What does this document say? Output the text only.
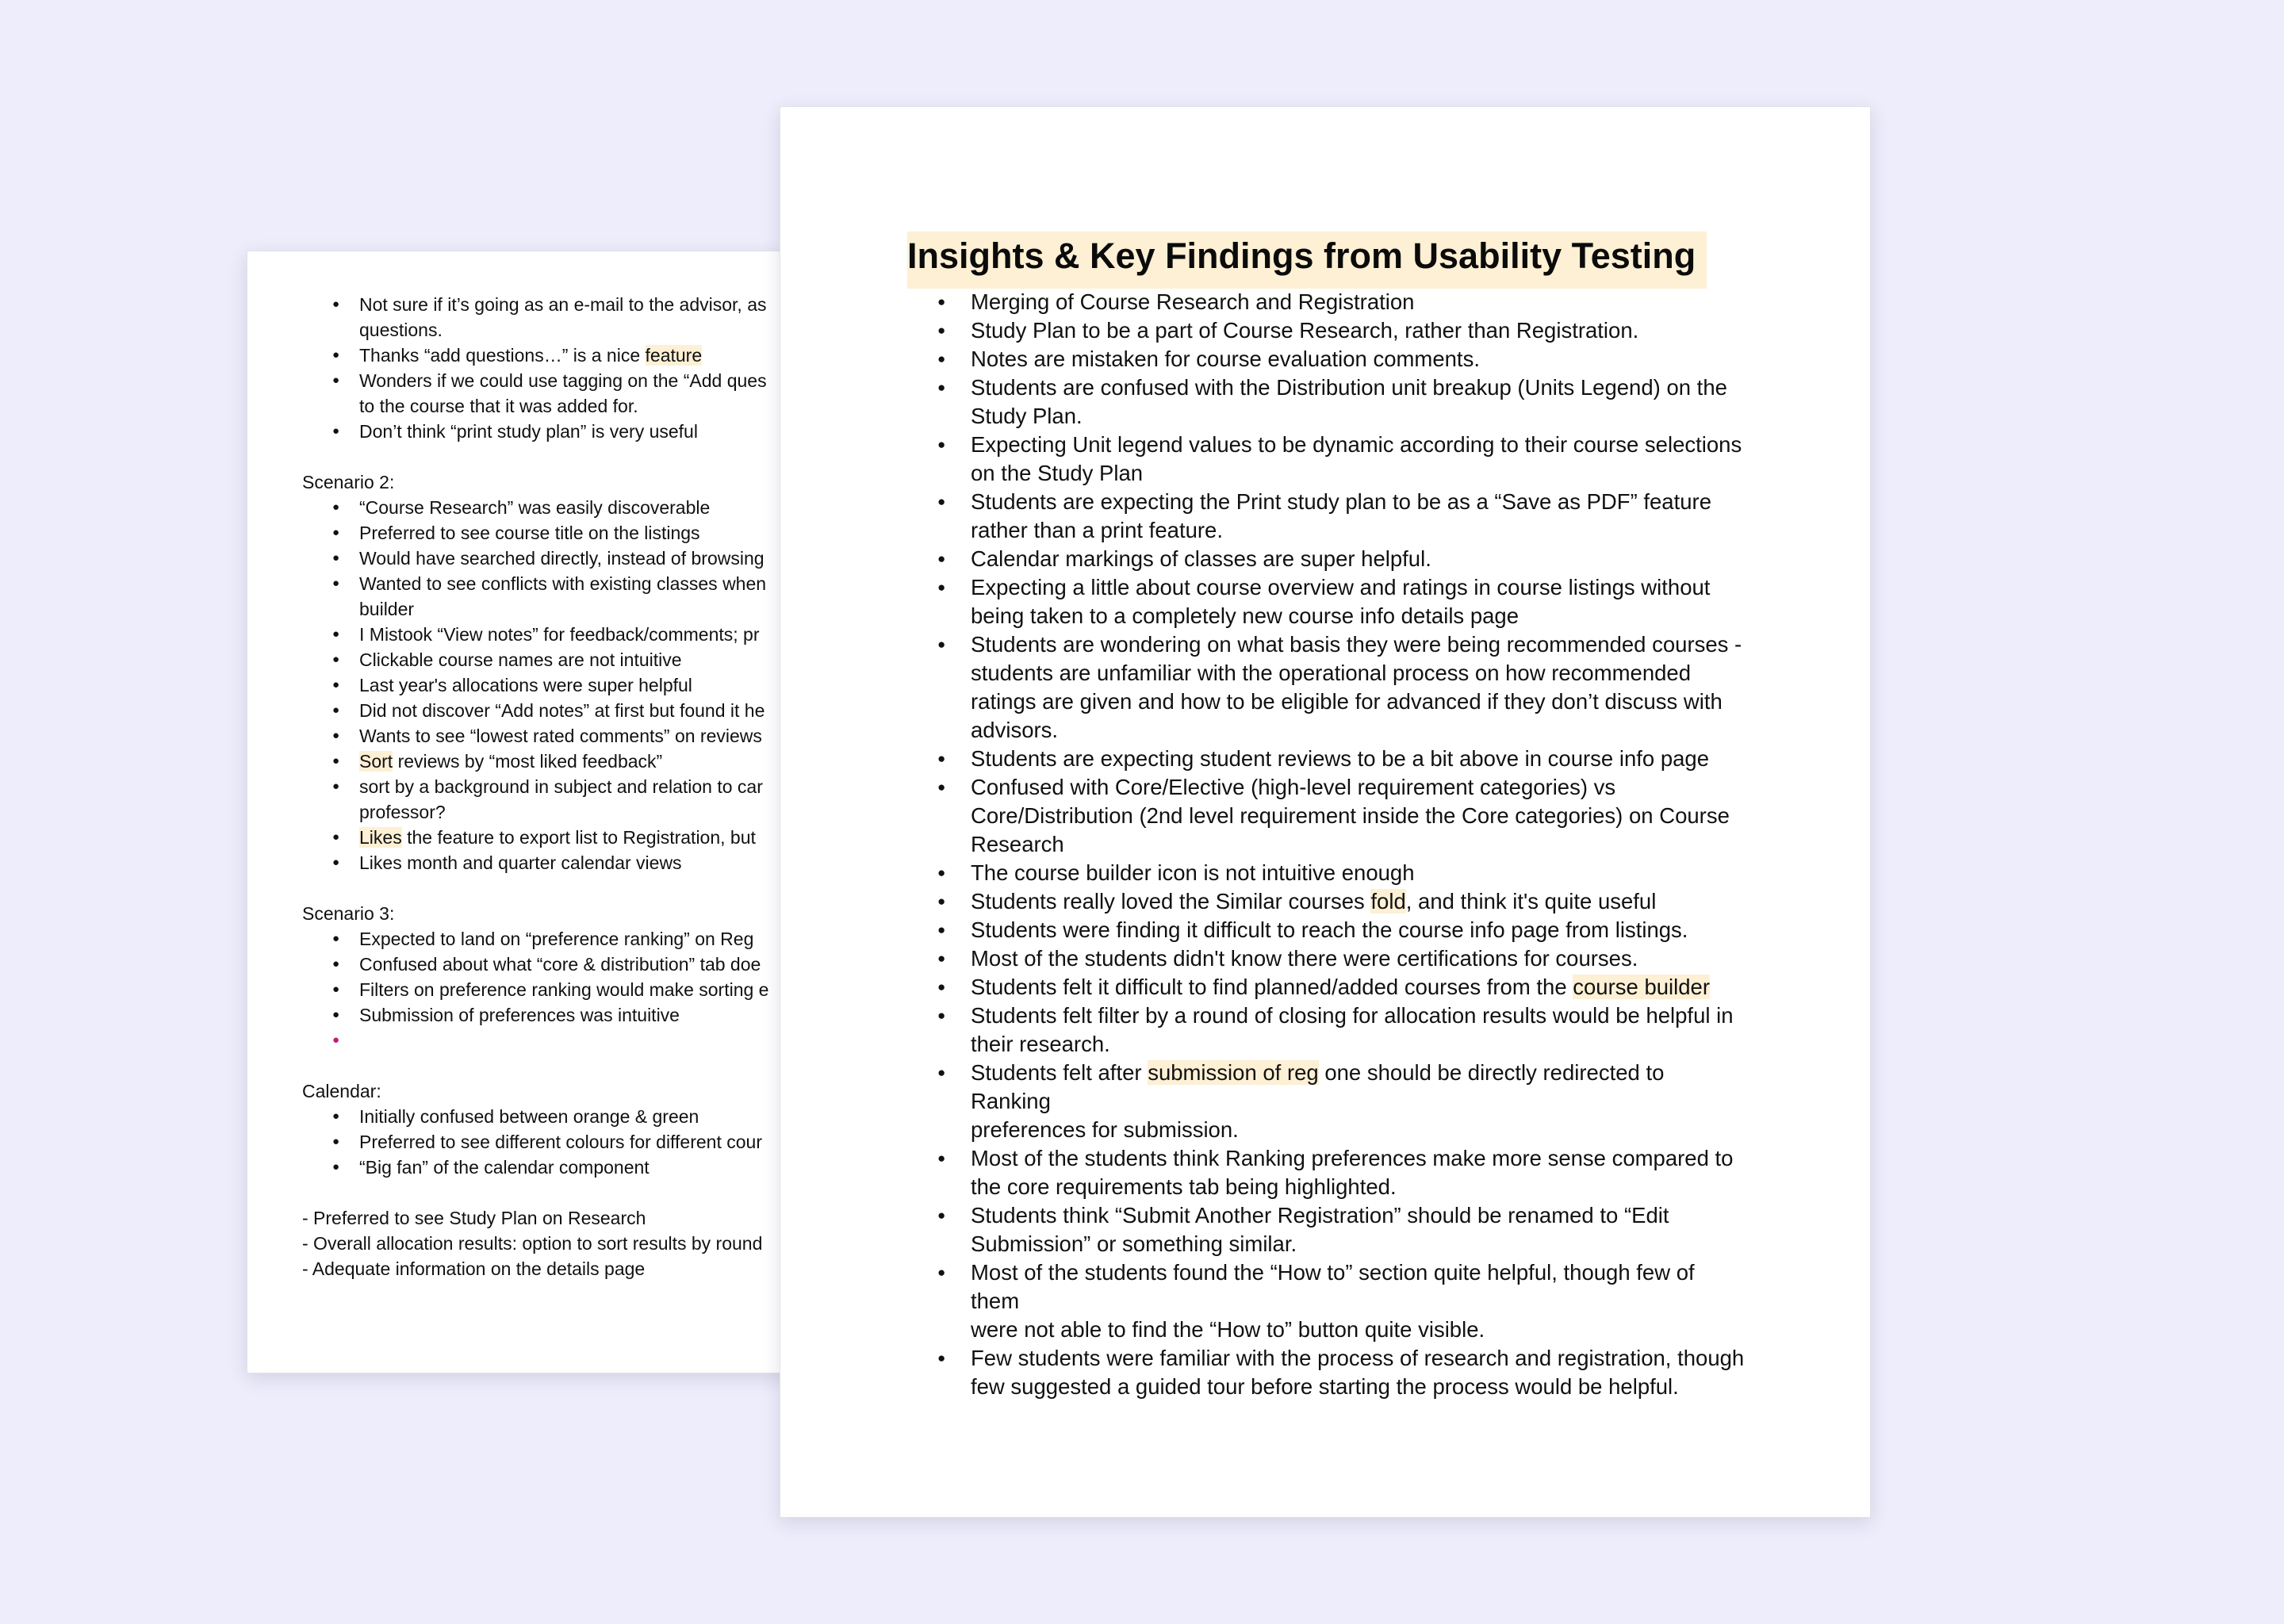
● Not sure if it’s going as an e-mail to the advisor, as
questions.
● Thanks “add questions…” is a nice feature
● Wonders if we could use tagging on the “Add ques
to the course that it was added for.
● Don’t think “print study plan” is very useful
Scenario 2:
● “Course Research” was easily discoverable
● Preferred to see course title on the listings
● Would have searched directly, instead of browsing
● Wanted to see conflicts with existing classes when
builder
● I Mistook “View notes” for feedback/comments; pr
● Clickable course names are not intuitive
● Last year's allocations were super helpful
● Did not discover “Add notes” at first but found it he
● Wants to see “lowest rated comments” on reviews
● Sort reviews by “most liked feedback”
● sort by a background in subject and relation to car
professor?
● Likes the feature to export list to Registration, but
● Likes month and quarter calendar views
Scenario 3:
● Expected to land on “preference ranking” on Reg
● Confused about what “core & distribution” tab doe
● Filters on preference ranking would make sorting e
● Submission of preferences was intuitive
●

Calendar:
● Initially confused between orange & green
● Preferred to see different colours for different cour
● “Big fan” of the calendar component
- Preferred to see Study Plan on Research
- Overall allocation results: option to sort results by round
- Adequate information on the details page
Insights & Key Findings from Usability Testing
● Merging of Course Research and Registration
● Study Plan to be a part of Course Research, rather than Registration.
● Notes are mistaken for course evaluation comments.
● Students are confused with the Distribution unit breakup (Units Legend) on the
Study Plan.
● Expecting Unit legend values to be dynamic according to their course selections
on the Study Plan
● Students are expecting the Print study plan to be as a “Save as PDF” feature
rather than a print feature.
● Calendar markings of classes are super helpful.
● Expecting a little about course overview and ratings in course listings without
being taken to a completely new course info details page
● Students are wondering on what basis they were being recommended courses -
students are unfamiliar with the operational process on how recommended
ratings are given and how to be eligible for advanced if they don’t discuss with
advisors.
● Students are expecting student reviews to be a bit above in course info page
● Confused with Core/Elective (high-level requirement categories) vs
Core/Distribution (2nd level requirement inside the Core categories) on Course
Research
● The course builder icon is not intuitive enough
● Students really loved the Similar courses fold, and think it's quite useful
● Students were finding it difficult to reach the course info page from listings.
● Most of the students didn't know there were certifications for courses.
● Students felt it difficult to find planned/added courses from the course builder
● Students felt filter by a round of closing for allocation results would be helpful in
their research.
● Students felt after submission of reg one should be directly redirected to Ranking
preferences for submission.
● Most of the students think Ranking preferences make more sense compared to
the core requirements tab being highlighted.
● Students think “Submit Another Registration” should be renamed to “Edit
Submission” or something similar.
● Most of the students found the “How to” section quite helpful, though few of them
were not able to find the “How to” button quite visible.
● Few students were familiar with the process of research and registration, though
few suggested a guided tour before starting the process would be helpful.
